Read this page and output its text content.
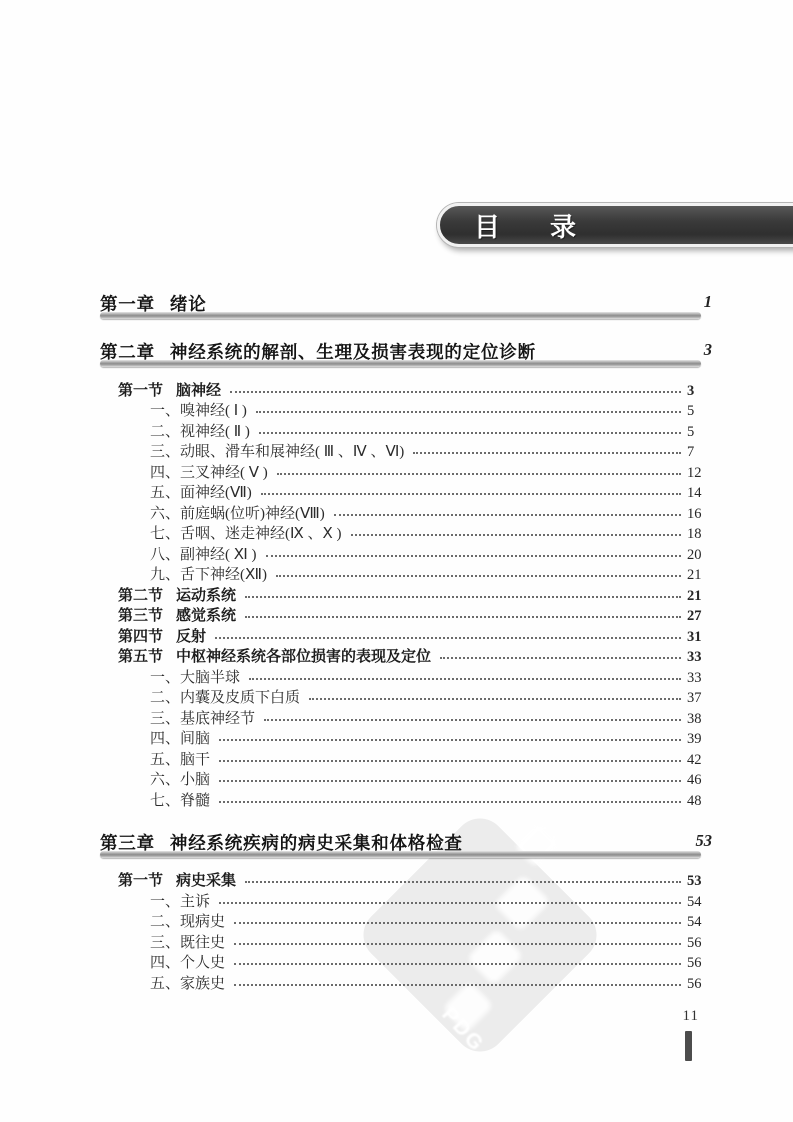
PDG
目　录
第一章 绪论	1
第二章 神经系统的解剖、生理及损害表现的定位诊断	3
第一节 脑神经	3
一、 嗅神经( Ⅰ )	5
二、 视神经( Ⅱ )	5
三、 动眼、滑车和展神经( Ⅲ 、Ⅳ 、Ⅵ)	7
四、 三叉神经( Ⅴ )	12
五、 面神经(Ⅶ)	14
六、 前庭蜗(位听)神经(Ⅷ)	16
七、 舌咽、迷走神经(Ⅸ 、Ⅹ )	18
八、 副神经( Ⅺ )	20
九、 舌下神经(Ⅻ)	21
第二节 运动系统	21
第三节 感觉系统	27
第四节 反射	31
第五节 中枢神经系统各部位损害的表现及定位	33
一、 大脑半球	33
二、 内囊及皮质下白质	37
三、 基底神经节	38
四、 间脑	39
五、 脑干	42
六、 小脑	46
七、 脊髓	48
第三章 神经系统疾病的病史采集和体格检查	53
第一节 病史采集	53
一、 主诉	54
二、 现病史	54
三、 既往史	56
四、 个人史	56
五、 家族史	56
11
